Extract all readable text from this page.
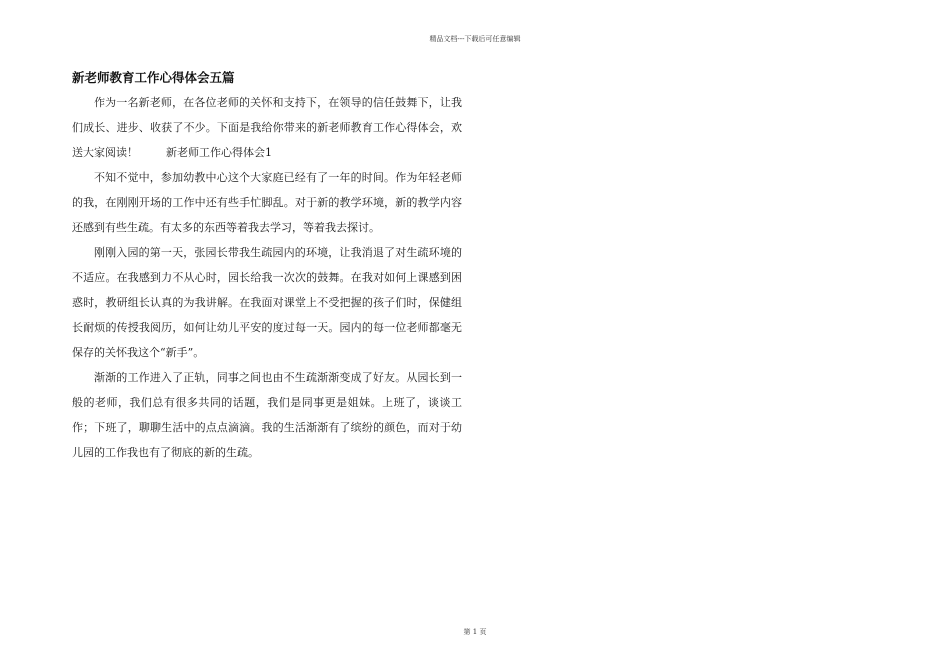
精品文档---下载后可任意编辑
新老师教育工作心得体会五篇

作为一名新老师，在各位老师的关怀和支持下，在领导的信任鼓舞下，让我们成长、进步、收获了不少。下面是我给你带来的新老师教育工作心得体会，欢送大家阅读！	新老师工作心得体会1

不知不觉中，参加幼教中心这个大家庭已经有了一年的时间。作为年轻老师的我，在刚刚开场的工作中还有些手忙脚乱。对于新的教学环境，新的教学内容还感到有些生疏。有太多的东西等着我去学习，等着我去探讨。

刚刚入园的第一天，张园长带我生疏园内的环境，让我消退了对生疏环境的不适应。在我感到力不从心时，园长给我一次次的鼓舞。在我对如何上课感到困惑时，教研组长认真的为我讲解。在我面对课堂上不受把握的孩子们时，保健组长耐烦的传授我阅历，如何让幼儿平安的度过每一天。园内的每一位老师都毫无保存的关怀我这个“新手”。

渐渐的工作进入了正轨，同事之间也由不生疏渐渐变成了好友。从园长到一般的老师，我们总有很多共同的话题，我们是同事更是姐妹。上班了，谈谈工作；下班了，聊聊生活中的点点滴滴。我的生活渐渐有了缤纷的颜色，而对于幼儿园的工作我也有了彻底的新的生疏。

第 1 页
